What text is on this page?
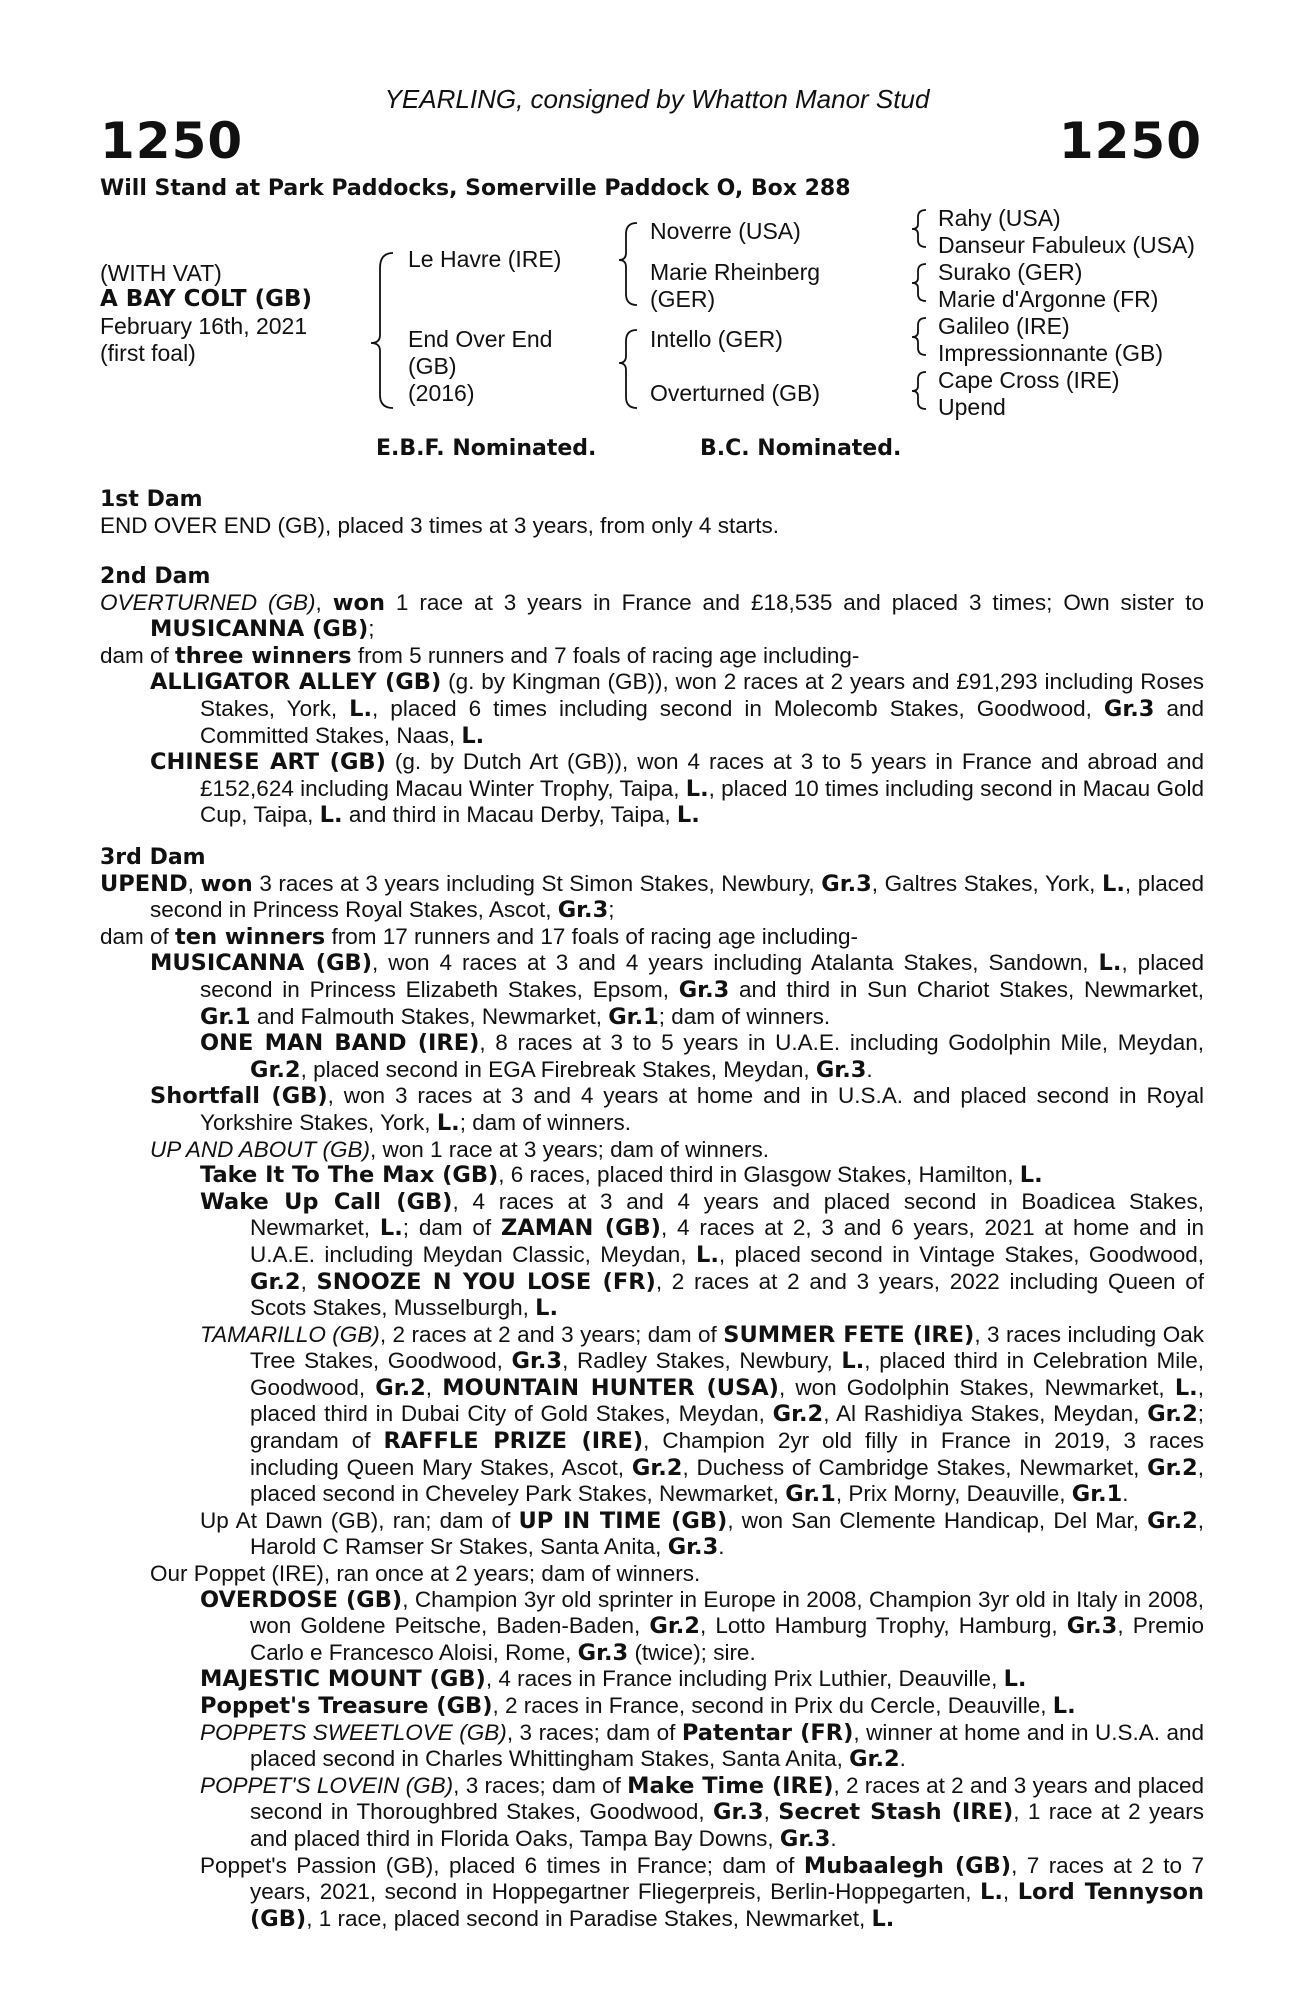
YEARLING, consigned by Whatton Manor Stud
1250	1250
Will Stand at Park Paddocks, Somerville Paddock O, Box 288
(WITH VAT)
A BAY COLT (GB)
February 16th, 2021
(first foal)
Le Havre (IRE)
End Over End
(GB)
(2016)
Noverre (USA)
Marie Rheinberg
(GER)
Intello (GER)
Overturned (GB)
Rahy (USA)
Danseur Fabuleux (USA)
Surako (GER)
Marie d'Argonne (FR)
Galileo (IRE)
Impressionnante (GB)
Cape Cross (IRE)
Upend
E.B.F. Nominated.	B.C. Nominated.
1st Dam

END OVER END (GB), placed 3 times at 3 years, from only 4 starts.

2nd Dam

OVERTURNED (GB), won 1 race at 3 years in France and £18,535 and placed 3 times; Own sister to MUSICANNA (GB);

dam of three winners from 5 runners and 7 foals of racing age including-

ALLIGATOR ALLEY (GB) (g. by Kingman (GB)), won 2 races at 2 years and £91,293 including Roses Stakes, York, L., placed 6 times including second in Molecomb Stakes, Goodwood, Gr.3 and Committed Stakes, Naas, L.

CHINESE ART (GB) (g. by Dutch Art (GB)), won 4 races at 3 to 5 years in France and abroad and £152,624 including Macau Winter Trophy, Taipa, L., placed 10 times including second in Macau Gold Cup, Taipa, L. and third in Macau Derby, Taipa, L.

3rd Dam

UPEND, won 3 races at 3 years including St Simon Stakes, Newbury, Gr.3, Galtres Stakes, York, L., placed second in Princess Royal Stakes, Ascot, Gr.3;

dam of ten winners from 17 runners and 17 foals of racing age including-

MUSICANNA (GB), won 4 races at 3 and 4 years including Atalanta Stakes, Sandown, L., placed second in Princess Elizabeth Stakes, Epsom, Gr.3 and third in Sun Chariot Stakes, Newmarket, Gr.1 and Falmouth Stakes, Newmarket, Gr.1; dam of winners.

ONE MAN BAND (IRE), 8 races at 3 to 5 years in U.A.E. including Godolphin Mile, Meydan, Gr.2, placed second in EGA Firebreak Stakes, Meydan, Gr.3.

Shortfall (GB), won 3 races at 3 and 4 years at home and in U.S.A. and placed second in Royal Yorkshire Stakes, York, L.; dam of winners.

UP AND ABOUT (GB), won 1 race at 3 years; dam of winners.

Take It To The Max (GB), 6 races, placed third in Glasgow Stakes, Hamilton, L.

Wake Up Call (GB), 4 races at 3 and 4 years and placed second in Boadicea Stakes, Newmarket, L.; dam of ZAMAN (GB), 4 races at 2, 3 and 6 years, 2021 at home and in U.A.E. including Meydan Classic, Meydan, L., placed second in Vintage Stakes, Goodwood, Gr.2, SNOOZE N YOU LOSE (FR), 2 races at 2 and 3 years, 2022 including Queen of Scots Stakes, Musselburgh, L.

TAMARILLO (GB), 2 races at 2 and 3 years; dam of SUMMER FETE (IRE), 3 races including Oak Tree Stakes, Goodwood, Gr.3, Radley Stakes, Newbury, L., placed third in Celebration Mile, Goodwood, Gr.2, MOUNTAIN HUNTER (USA), won Godolphin Stakes, Newmarket, L., placed third in Dubai City of Gold Stakes, Meydan, Gr.2, Al Rashidiya Stakes, Meydan, Gr.2; grandam of RAFFLE PRIZE (IRE), Champion 2yr old filly in France in 2019, 3 races including Queen Mary Stakes, Ascot, Gr.2, Duchess of Cambridge Stakes, Newmarket, Gr.2, placed second in Cheveley Park Stakes, Newmarket, Gr.1, Prix Morny, Deauville, Gr.1.

Up At Dawn (GB), ran; dam of UP IN TIME (GB), won San Clemente Handicap, Del Mar, Gr.2, Harold C Ramser Sr Stakes, Santa Anita, Gr.3.

Our Poppet (IRE), ran once at 2 years; dam of winners.

OVERDOSE (GB), Champion 3yr old sprinter in Europe in 2008, Champion 3yr old in Italy in 2008, won Goldene Peitsche, Baden-Baden, Gr.2, Lotto Hamburg Trophy, Hamburg, Gr.3, Premio Carlo e Francesco Aloisi, Rome, Gr.3 (twice); sire.

MAJESTIC MOUNT (GB), 4 races in France including Prix Luthier, Deauville, L.

Poppet's Treasure (GB), 2 races in France, second in Prix du Cercle, Deauville, L.

POPPETS SWEETLOVE (GB), 3 races; dam of Patentar (FR), winner at home and in U.S.A. and placed second in Charles Whittingham Stakes, Santa Anita, Gr.2.

POPPET'S LOVEIN (GB), 3 races; dam of Make Time (IRE), 2 races at 2 and 3 years and placed second in Thoroughbred Stakes, Goodwood, Gr.3, Secret Stash (IRE), 1 race at 2 years and placed third in Florida Oaks, Tampa Bay Downs, Gr.3.

Poppet's Passion (GB), placed 6 times in France; dam of Mubaalegh (GB), 7 races at 2 to 7 years, 2021, second in Hoppegartner Fliegerpreis, Berlin-Hoppegarten, L., Lord Tennyson (GB), 1 race, placed second in Paradise Stakes, Newmarket, L.
